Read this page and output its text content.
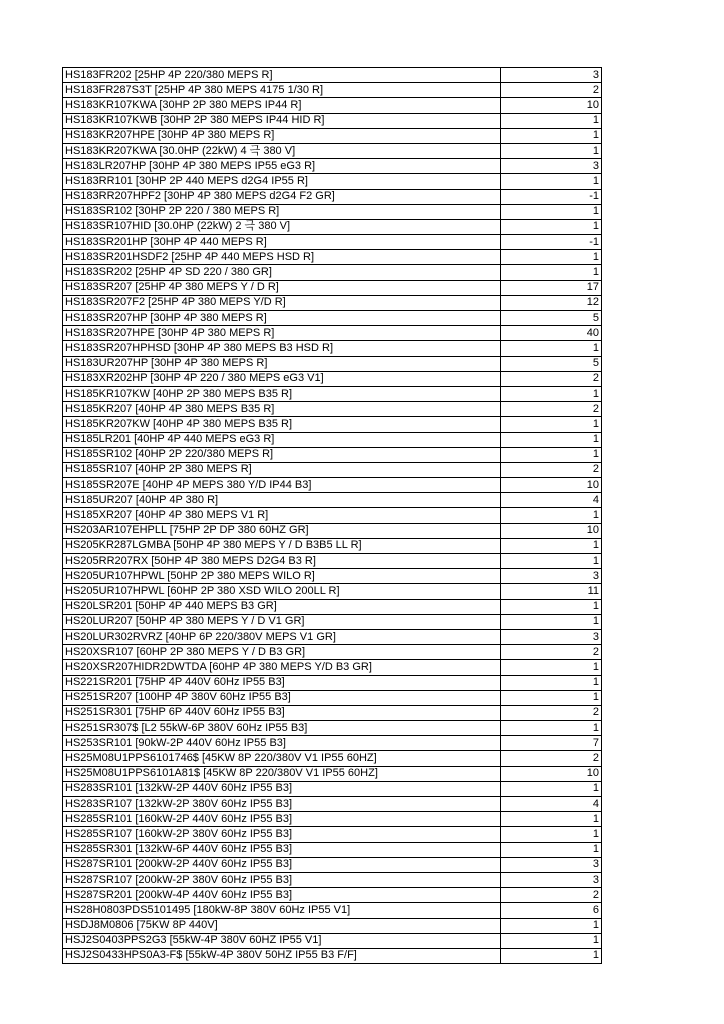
HS183FR202 [25HP 4P 220/380 MEPS R]	3
HS183FR287S3T [25HP 4P 380 MEPS 4175 1/30 R]	2
HS183KR107KWA [30HP 2P 380 MEPS IP44 R]	10
HS183KR107KWB [30HP 2P 380 MEPS IP44 HID R]	1
HS183KR207HPE [30HP 4P 380 MEPS R]	1
HS183KR207KWA [30.0HP (22kW) 4 극 380 V]	1
HS183LR207HP [30HP 4P 380 MEPS IP55 eG3 R]	3
HS183RR101 [30HP 2P 440 MEPS d2G4 IP55 R]	1
HS183RR207HPF2 [30HP 4P 380 MEPS d2G4 F2 GR]	-1
HS183SR102 [30HP 2P 220 / 380 MEPS R]	1
HS183SR107HID [30.0HP (22kW) 2 극 380 V]	1
HS183SR201HP [30HP 4P 440 MEPS R]	-1
HS183SR201HSDF2 [25HP 4P 440 MEPS HSD R]	1
HS183SR202 [25HP 4P SD 220 / 380 GR]	1
HS183SR207 [25HP 4P 380 MEPS Y / D R]	17
HS183SR207F2 [25HP 4P 380 MEPS Y/D R]	12
HS183SR207HP [30HP 4P 380 MEPS R]	5
HS183SR207HPE [30HP 4P 380 MEPS R]	40
HS183SR207HPHSD [30HP 4P 380 MEPS B3 HSD R]	1
HS183UR207HP [30HP 4P 380 MEPS R]	5
HS183XR202HP [30HP 4P 220 / 380 MEPS eG3 V1]	2
HS185KR107KW [40HP 2P 380 MEPS B35 R]	1
HS185KR207 [40HP 4P 380 MEPS B35 R]	2
HS185KR207KW [40HP 4P 380 MEPS B35 R]	1
HS185LR201 [40HP 4P 440 MEPS eG3 R]	1
HS185SR102 [40HP 2P 220/380 MEPS R]	1
HS185SR107 [40HP 2P 380 MEPS R]	2
HS185SR207E [40HP 4P MEPS 380 Y/D IP44 B3]	10
HS185UR207 [40HP 4P 380 R]	4
HS185XR207 [40HP 4P 380 MEPS V1 R]	1
HS203AR107EHPLL [75HP 2P DP 380 60HZ GR]	10
HS205KR287LGMBA [50HP 4P 380 MEPS Y / D B3B5 LL R]	1
HS205RR207RX [50HP 4P 380 MEPS D2G4 B3 R]	1
HS205UR107HPWL [50HP 2P 380 MEPS WILO R]	3
HS205UR107HPWL [60HP 2P 380 XSD WILO 200LL R]	11
HS20LSR201 [50HP 4P 440 MEPS B3 GR]	1
HS20LUR207 [50HP 4P 380 MEPS Y / D V1 GR]	1
HS20LUR302RVRZ [40HP 6P 220/380V MEPS V1 GR]	3
HS20XSR107 [60HP 2P 380 MEPS Y / D B3 GR]	2
HS20XSR207HIDR2DWTDA [60HP 4P 380 MEPS Y/D B3 GR]	1
HS221SR201 [75HP 4P 440V 60Hz IP55 B3]	1
HS251SR207 [100HP 4P 380V 60Hz IP55 B3]	1
HS251SR301 [75HP 6P 440V 60Hz IP55 B3]	2
HS251SR307$ [L2 55kW-6P 380V 60Hz IP55 B3]	1
HS253SR101 [90kW-2P 440V 60Hz IP55 B3]	7
HS25M08U1PPS6101746$ [45KW 8P 220/380V V1 IP55 60HZ]	2
HS25M08U1PPS6101A81$ [45KW 8P 220/380V V1 IP55 60HZ]	10
HS283SR101 [132kW-2P 440V 60Hz IP55 B3]	1
HS283SR107 [132kW-2P 380V 60Hz IP55 B3]	4
HS285SR101 [160kW-2P 440V 60Hz IP55 B3]	1
HS285SR107 [160kW-2P 380V 60Hz IP55 B3]	1
HS285SR301 [132kW-6P 440V 60Hz IP55 B3]	1
HS287SR101 [200kW-2P 440V 60Hz IP55 B3]	3
HS287SR107 [200kW-2P 380V 60Hz IP55 B3]	3
HS287SR201 [200kW-4P 440V 60Hz IP55 B3]	2
HS28H0803PDS5101495 [180kW-8P 380V 60Hz IP55 V1]	6
HSDJ8M0806 [75KW 8P 440V]	1
HSJ2S0403PPS2G3 [55kW-4P 380V 60HZ IP55 V1]	1
HSJ2S0433HPS0A3-F$ [55kW-4P 380V 50HZ IP55 B3 F/F]	1
